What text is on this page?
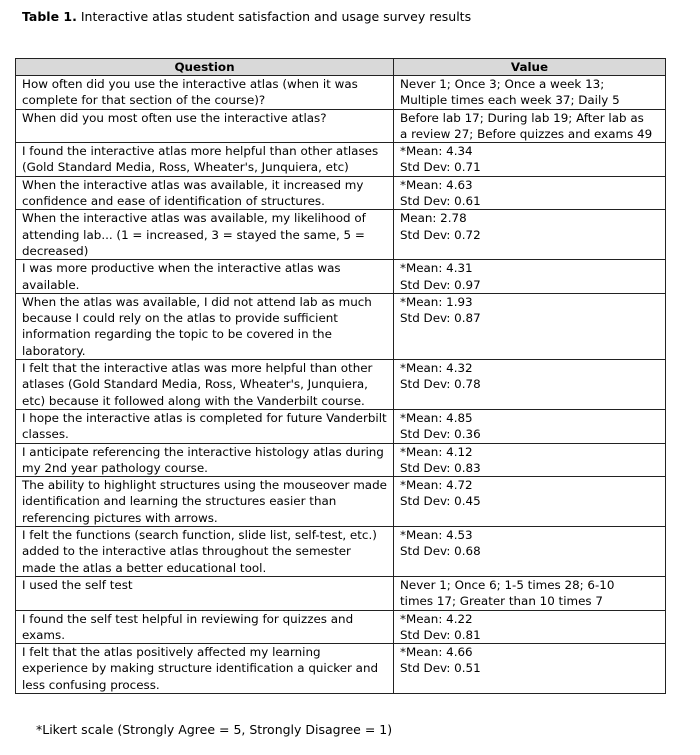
Table 1. Interactive atlas student satisfaction and usage survey results
Question	Value

How often did you use the interactive atlas (when it was complete for that section of the course)?	Never 1; Once 3; Once a week 13;
Multiple times each week 37; Daily 5

When did you most often use the interactive atlas?	Before lab 17; During lab 19; After lab as
a review 27; Before quizzes and exams 49

I found the interactive atlas more helpful than other atlases (Gold Standard Media, Ross, Wheater's, Junquiera, etc)	*Mean: 4.34
Std Dev: 0.71

When the interactive atlas was available, it increased my confidence and ease of identification of structures.	*Mean: 4.63
Std Dev: 0.61

When the interactive atlas was available, my likelihood of attending lab... (1 = increased, 3 = stayed the same, 5 = decreased)	Mean: 2.78
Std Dev: 0.72

I was more productive when the interactive atlas was available.	*Mean: 4.31
Std Dev: 0.97

When the atlas was available, I did not attend lab as much because I could rely on the atlas to provide sufficient information regarding the topic to be covered in the laboratory.	*Mean: 1.93
Std Dev: 0.87

I felt that the interactive atlas was more helpful than other atlases (Gold Standard Media, Ross, Wheater's, Junquiera, etc) because it followed along with the Vanderbilt course.	*Mean: 4.32
Std Dev: 0.78

I hope the interactive atlas is completed for future Vanderbilt classes.	*Mean: 4.85
Std Dev: 0.36

I anticipate referencing the interactive histology atlas during my 2nd year pathology course.	*Mean: 4.12
Std Dev: 0.83

The ability to highlight structures using the mouseover made identification and learning the structures easier than referencing pictures with arrows.	*Mean: 4.72
Std Dev: 0.45

I felt the functions (search function, slide list, self-test, etc.) added to the interactive atlas throughout the semester made the atlas a better educational tool.	*Mean: 4.53
Std Dev: 0.68

I used the self test	Never 1; Once 6; 1-5 times 28; 6-10
times 17; Greater than 10 times 7

I found the self test helpful in reviewing for quizzes and exams.	*Mean: 4.22
Std Dev: 0.81

I felt that the atlas positively affected my learning experience by making structure identification a quicker and less confusing process.	*Mean: 4.66
Std Dev: 0.51
*Likert scale (Strongly Agree = 5, Strongly Disagree = 1)
